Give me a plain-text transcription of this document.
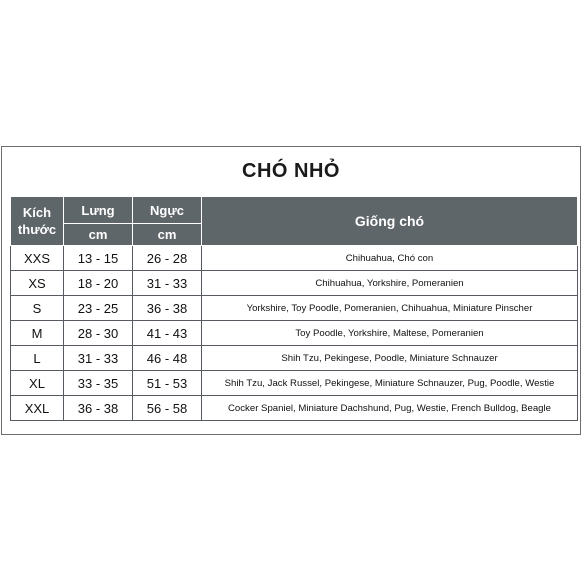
CHÓ NHỎ
Kích
thước	Lưng	Ngực	Giống chó
	cm	cm	
XXS	13 - 15	26 - 28	Chihuahua, Chó con
XS	18 - 20	31 - 33	Chihuahua, Yorkshire, Pomeranien
S	23 - 25	36 - 38	Yorkshire, Toy Poodle, Pomeranien, Chihuahua, Miniature Pinscher
M	28 - 30	41 - 43	Toy Poodle, Yorkshire, Maltese, Pomeranien
L	31 - 33	46 - 48	Shih Tzu, Pekingese, Poodle, Miniature Schnauzer
XL	33 - 35	51 - 53	Shih Tzu, Jack Russel, Pekingese, Miniature Schnauzer, Pug, Poodle, Westie
XXL	36 - 38	56 - 58	Cocker Spaniel, Miniature Dachshund, Pug, Westie, French Bulldog, Beagle
